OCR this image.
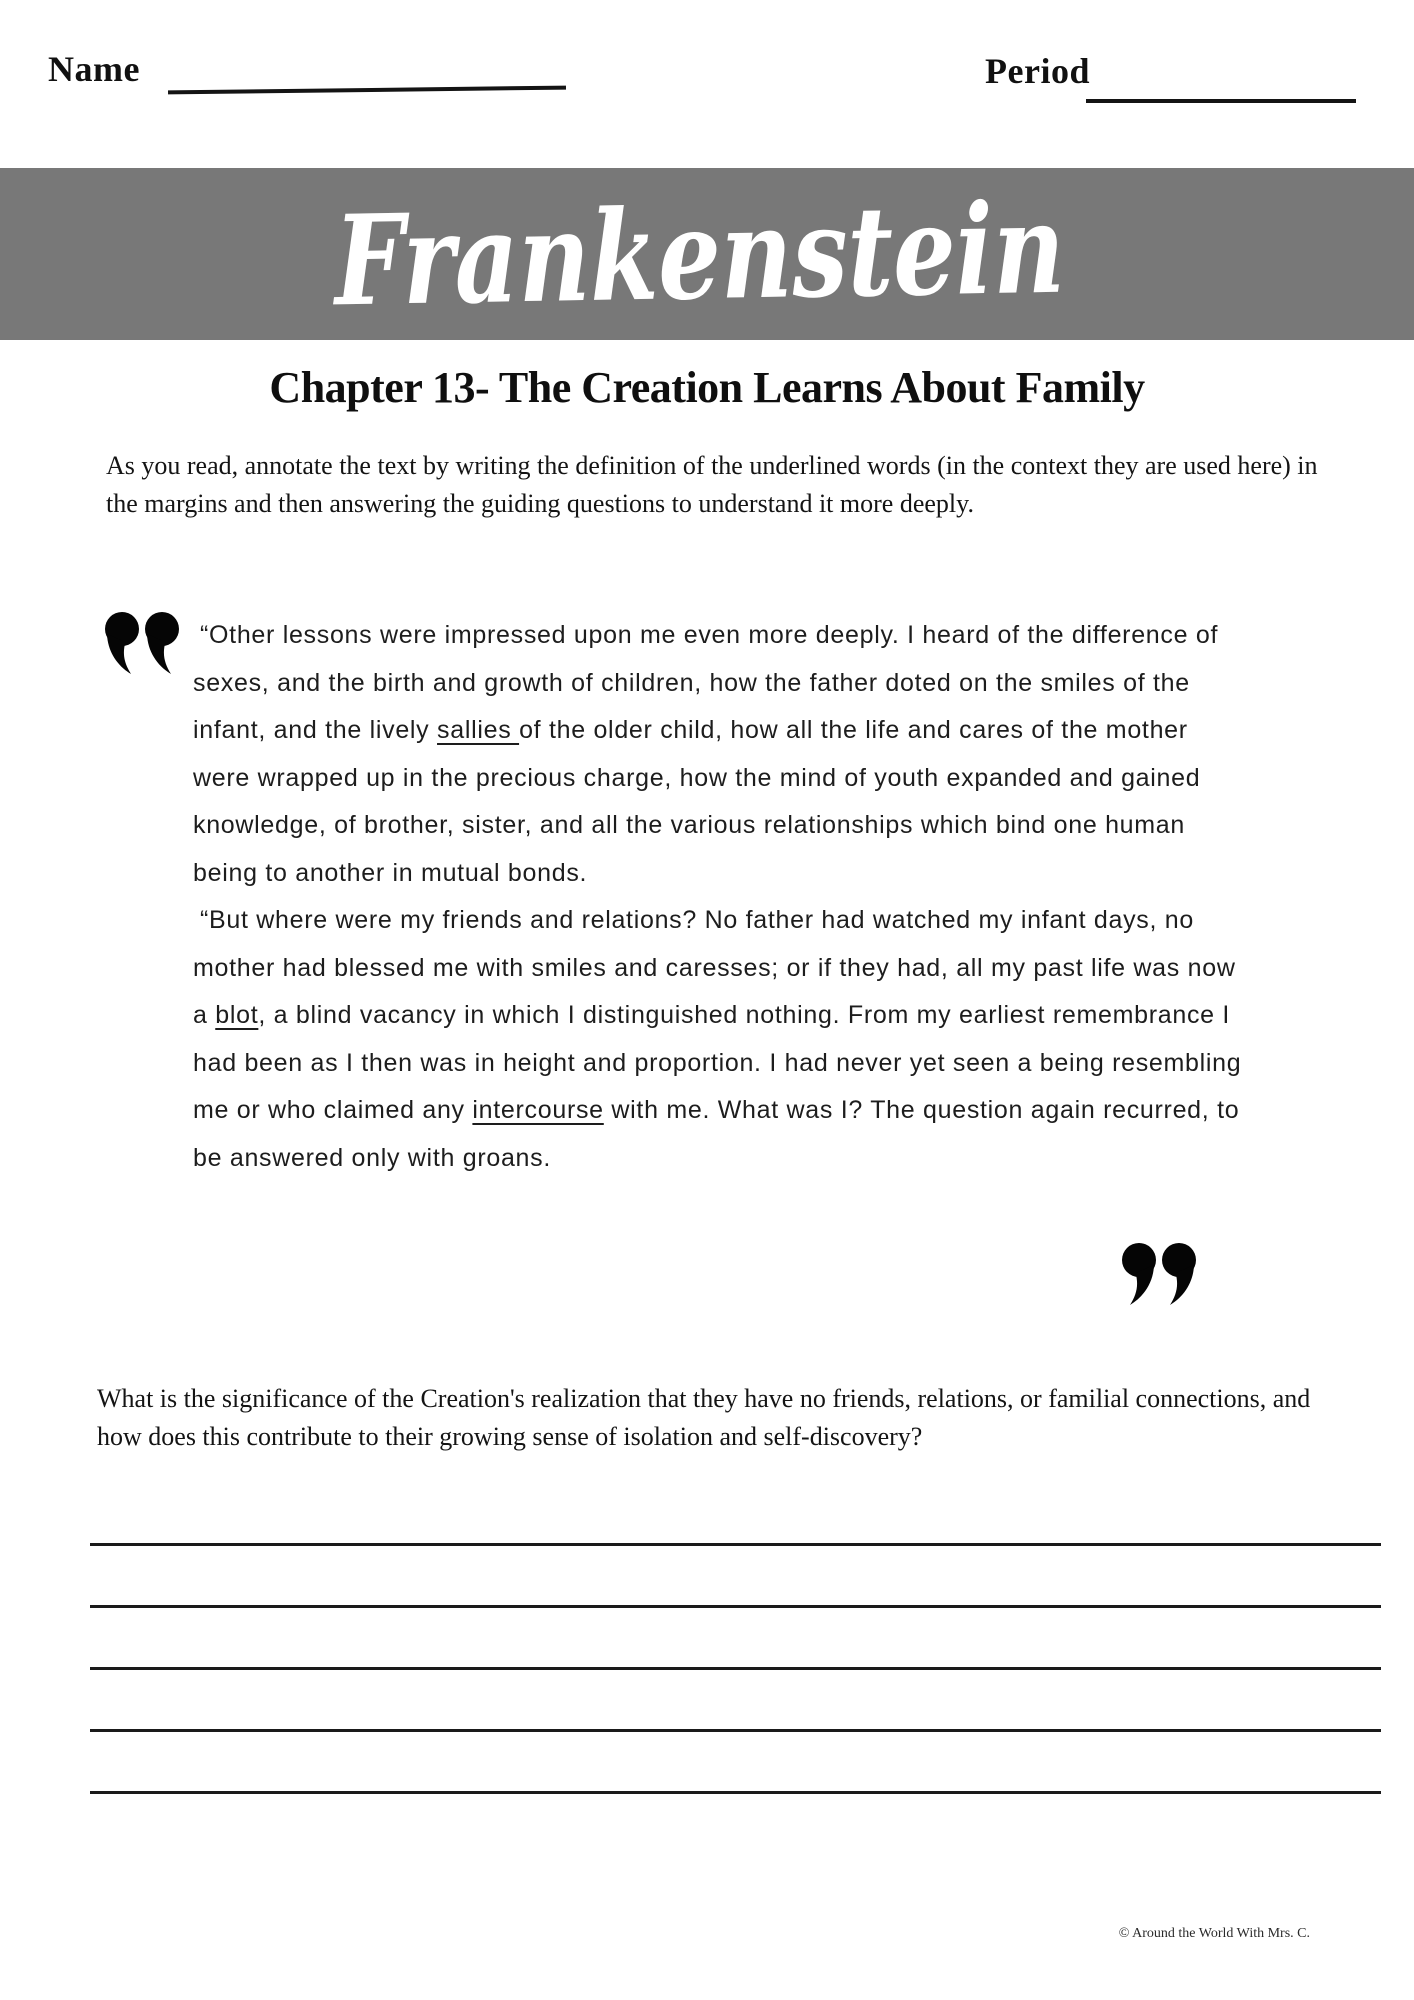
Name	Period
Frankenstein
Chapter 13- The Creation Learns About Family
As you read, annotate the text by writing the definition of the underlined words (in the context they are used here) in the margins and then answering the guiding questions to understand it more deeply.

“Other lessons were impressed upon me even more deeply. I heard of the difference of sexes, and the birth and growth of children, how the father doted on the smiles of the infant, and the lively sallies of the older child, how all the life and cares of the mother were wrapped up in the precious charge, how the mind of youth expanded and gained knowledge, of brother, sister, and all the various relationships which bind one human being to another in mutual bonds.

“But where were my friends and relations? No father had watched my infant days, no mother had blessed me with smiles and caresses; or if they had, all my past life was now a blot, a blind vacancy in which I distinguished nothing. From my earliest remembrance I had been as I then was in height and proportion. I had never yet seen a being resembling me or who claimed any intercourse with me. What was I? The question again recurred, to be answered only with groans.

What is the significance of the Creation's realization that they have no friends, relations, or familial connections, and how does this contribute to their growing sense of isolation and self-discovery?
© Around the World With Mrs. C.
